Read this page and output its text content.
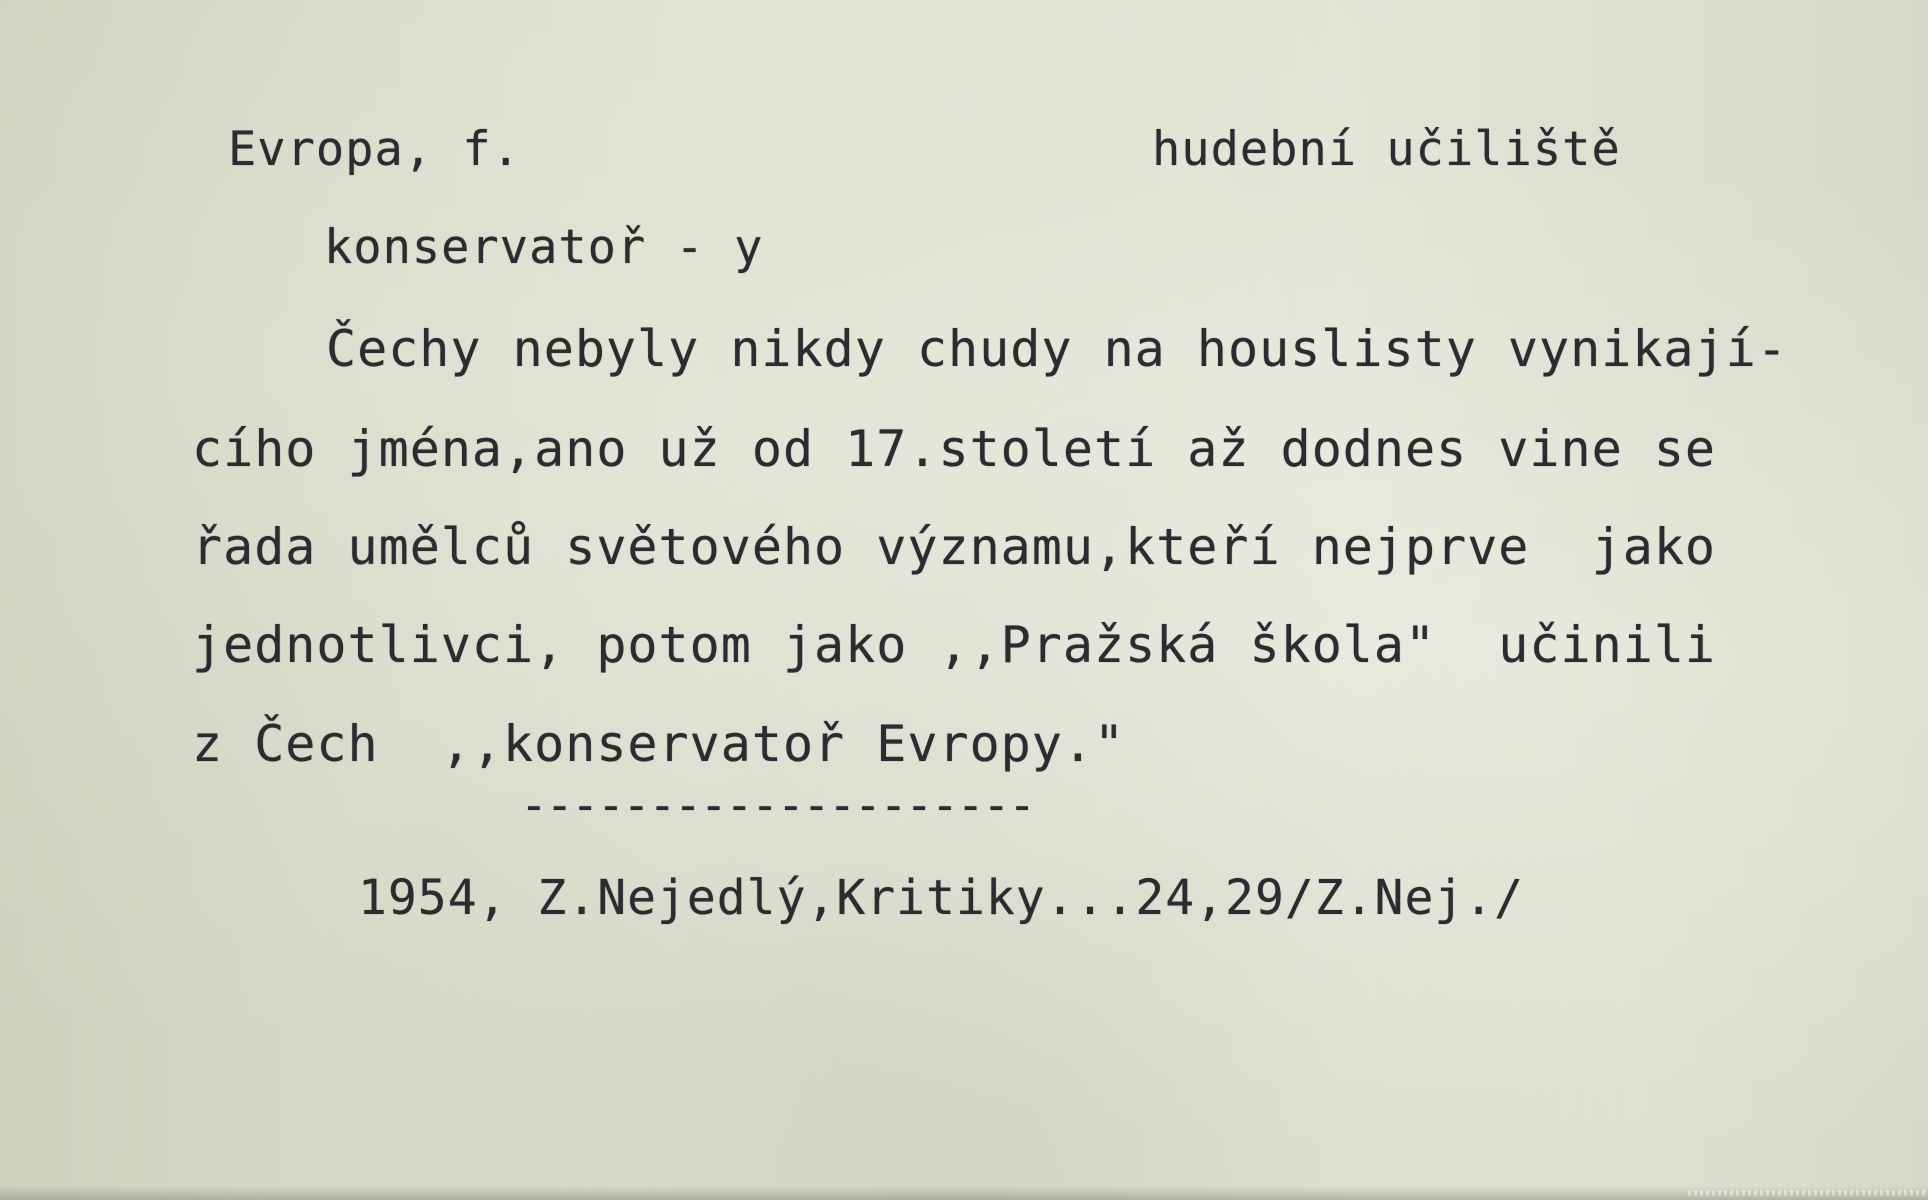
Evropa, f.	hudební učiliště
konservatoř - y
Čechy nebyly nikdy chudy na houslisty vynikají-
cího jména,ano už od 17.století až dodnes vine se
řada umělců světového významu,kteří nejprve  jako
jednotlivci, potom jako ,,Pražská škola"  učinili
z Čech  ,,konservatoř Evropy."
--------------------
1954, Z.Nejedlý,Kritiky...24,29/Z.Nej./
